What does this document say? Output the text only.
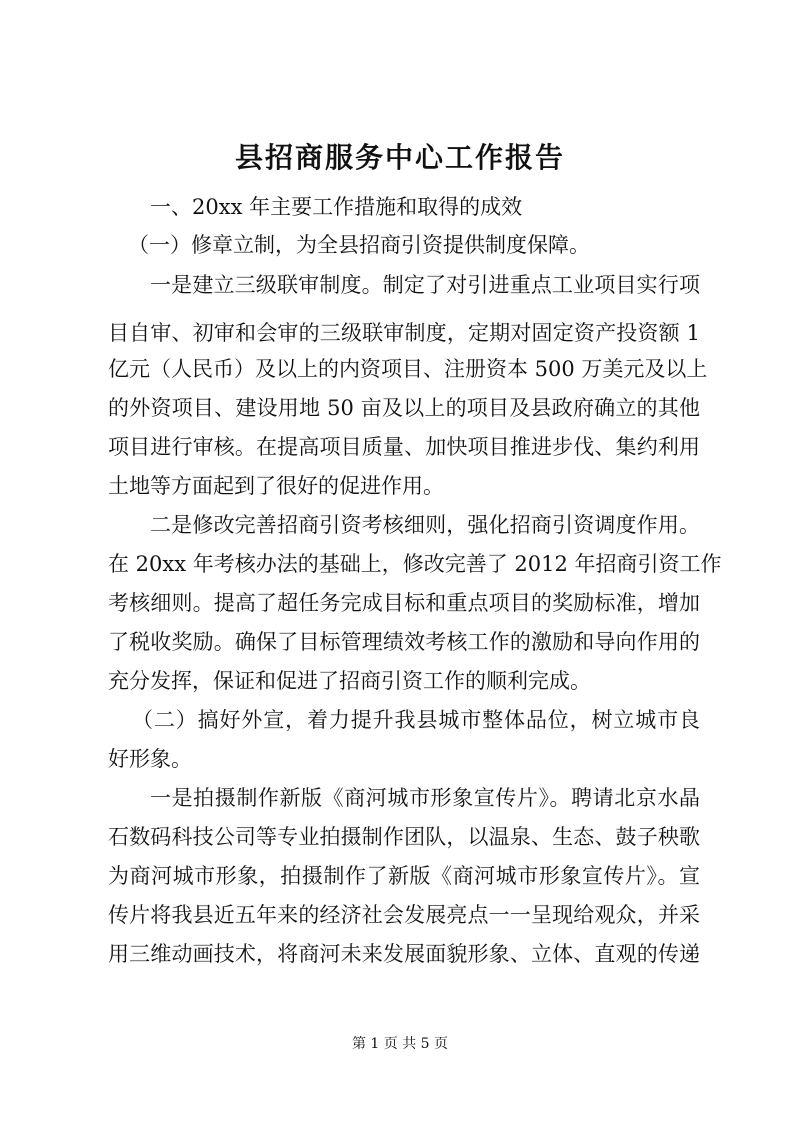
县招商服务中心工作报告
一、20xx 年主要工作措施和取得的成效
（一）修章立制，为全县招商引资提供制度保障。
一是建立三级联审制度。制定了对引进重点工业项目实行项
目自审、初审和会审的三级联审制度，定期对固定资产投资额 1
亿元（人民币）及以上的内资项目、注册资本 500 万美元及以上
的外资项目、建设用地 50 亩及以上的项目及县政府确立的其他
项目进行审核。在提高项目质量、加快项目推进步伐、集约利用
土地等方面起到了很好的促进作用。
二是修改完善招商引资考核细则，强化招商引资调度作用。
在 20xx 年考核办法的基础上，修改完善了 2012 年招商引资工作
考核细则。提高了超任务完成目标和重点项目的奖励标准，增加
了税收奖励。确保了目标管理绩效考核工作的激励和导向作用的
充分发挥，保证和促进了招商引资工作的顺利完成。
（二）搞好外宣，着力提升我县城市整体品位，树立城市良
好形象。
一是拍摄制作新版《商河城市形象宣传片》。聘请北京水晶
石数码科技公司等专业拍摄制作团队，以温泉、生态、鼓子秧歌
为商河城市形象，拍摄制作了新版《商河城市形象宣传片》。宣
传片将我县近五年来的经济社会发展亮点一一呈现给观众，并采
用三维动画技术，将商河未来发展面貌形象、立体、直观的传递
第 1 页 共 5 页
